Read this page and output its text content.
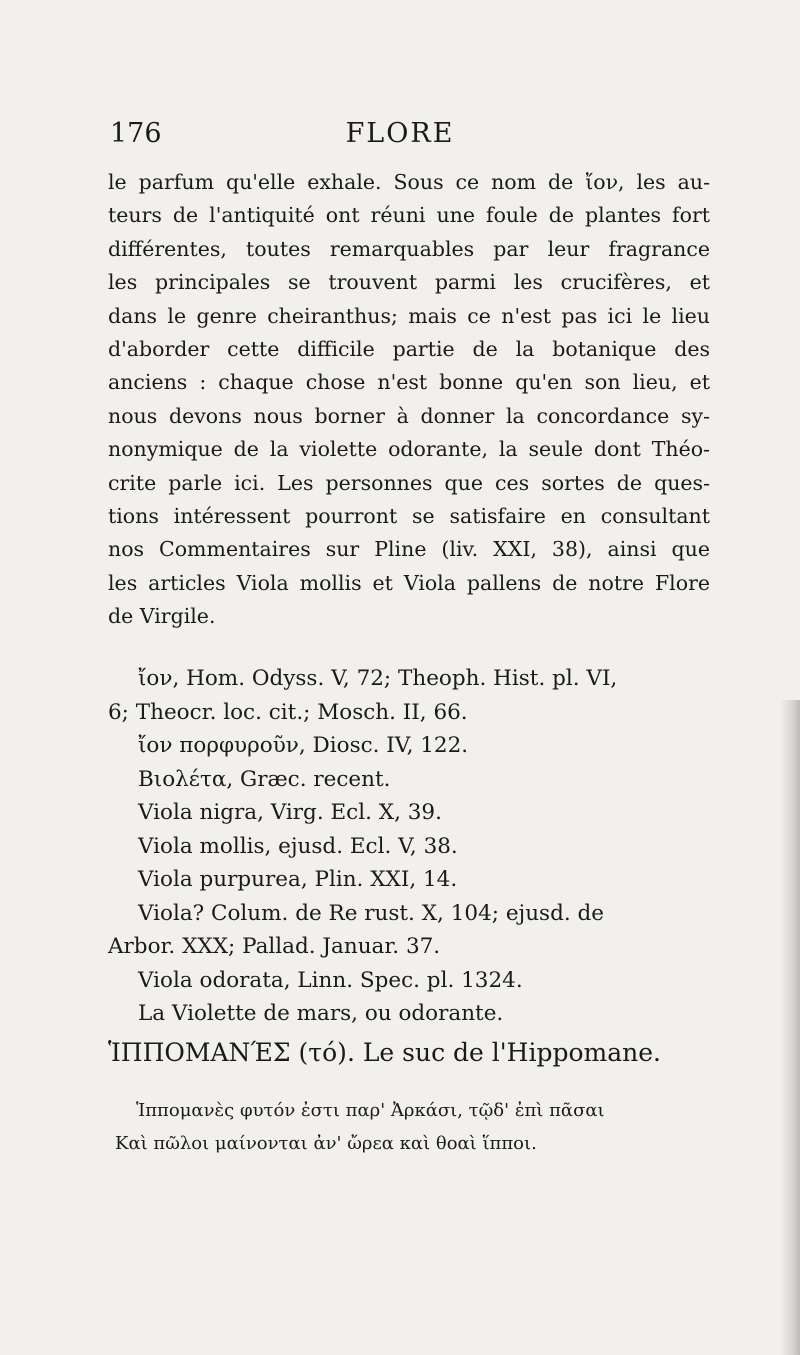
176	FLORE
le parfum qu'elle exhale. Sous ce nom de ἴον, les au-
teurs de l'antiquité ont réuni une foule de plantes fort
différentes, toutes remarquables par leur fragrance
les principales se trouvent parmi les crucifères, et
dans le genre cheiranthus; mais ce n'est pas ici le lieu
d'aborder cette difficile partie de la botanique des
anciens : chaque chose n'est bonne qu'en son lieu, et
nous devons nous borner à donner la concordance sy-
nonymique de la violette odorante, la seule dont Théo-
crite parle ici. Les personnes que ces sortes de ques-
tions intéressent pourront se satisfaire en consultant
nos Commentaires sur Pline (liv. XXI, 38), ainsi que
les articles Viola mollis et Viola pallens de notre Flore
de Virgile.
ἴον, Hom. Odyss. V, 72; Theoph. Hist. pl. VI,
6; Theocr. loc. cit.; Mosch. II, 66.
ἴον πορφυροῦν, Diosc. IV, 122.
Βιολέτα, Græc. recent.
Viola nigra, Virg. Ecl. X, 39.
Viola mollis, ejusd. Ecl. V, 38.
Viola purpurea, Plin. XXI, 14.
Viola? Colum. de Re rust. X, 104; ejusd. de
Arbor. XXX; Pallad. Januar. 37.
Viola odorata, Linn. Spec. pl. 1324.
La Violette de mars, ou odorante.
ἹΠΠΟΜΑΝΈΣ (τό). Le suc de l'Hippomane.
Ἱππομανὲς φυτόν ἐστι παρ' Ἀρκάσι, τῷδ' ἐπὶ πᾶσαι
Καὶ πῶλοι μαίνονται ἀν' ὤρεα καὶ θοαὶ ἵπποι.
